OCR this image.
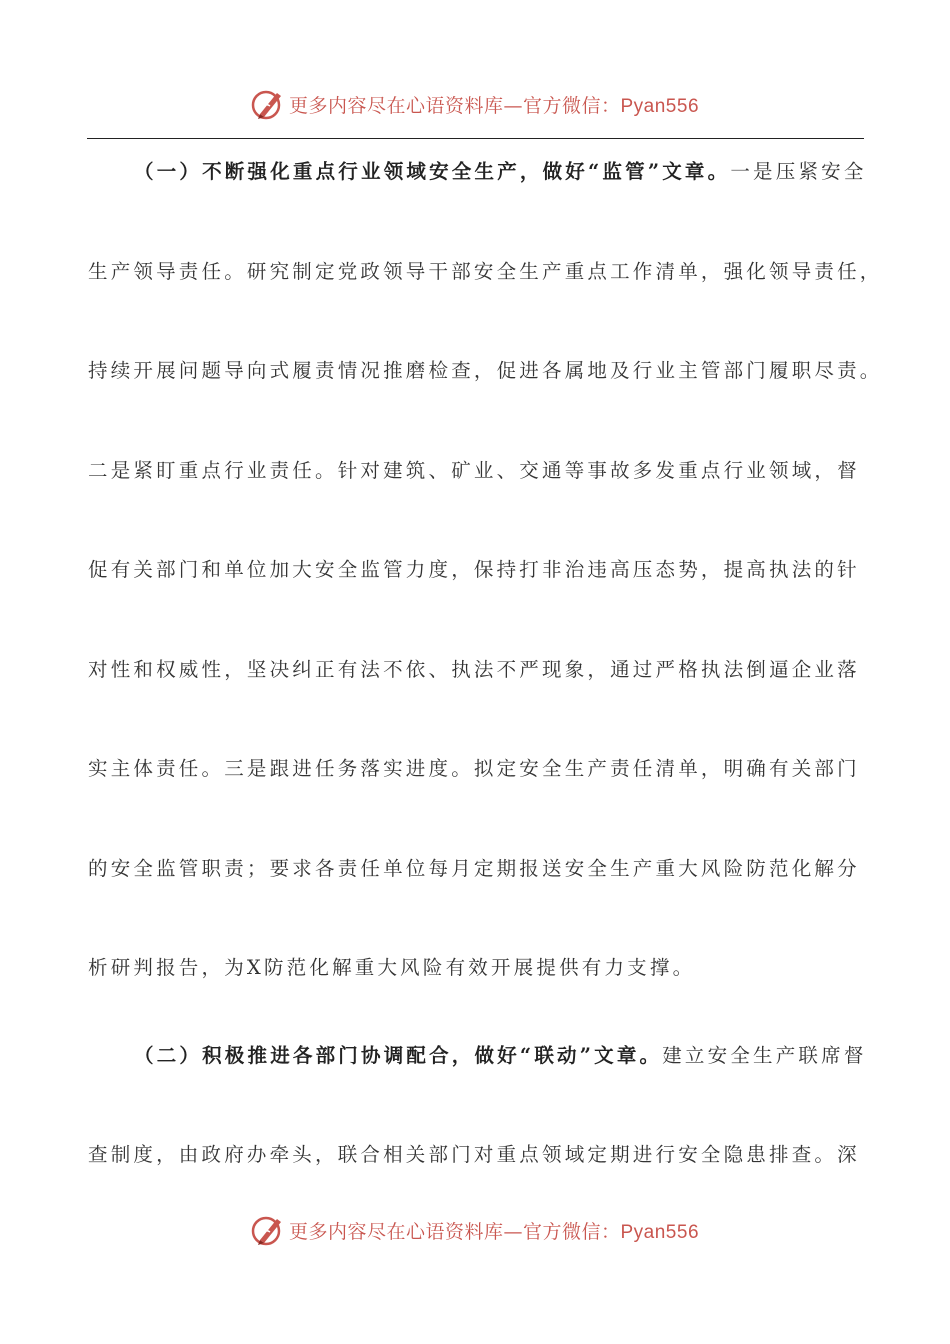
更多内容尽在心语资料库—官方微信：Pyan556
（一）不断强化重点行业领域安全生产，做好“监管”文章。一是压紧安全
生产领导责任。研究制定党政领导干部安全生产重点工作清单，强化领导责任，
持续开展问题导向式履责情况推磨检查，促进各属地及行业主管部门履职尽责。
二是紧盯重点行业责任。针对建筑、矿业、交通等事故多发重点行业领域，督
促有关部门和单位加大安全监管力度，保持打非治违高压态势，提高执法的针
对性和权威性，坚决纠正有法不依、执法不严现象，通过严格执法倒逼企业落
实主体责任。三是跟进任务落实进度。拟定安全生产责任清单，明确有关部门
的安全监管职责；要求各责任单位每月定期报送安全生产重大风险防范化解分
析研判报告，为X防范化解重大风险有效开展提供有力支撑。
（二）积极推进各部门协调配合，做好“联动”文章。建立安全生产联席督
查制度，由政府办牵头，联合相关部门对重点领域定期进行安全隐患排查。深
更多内容尽在心语资料库—官方微信：Pyan556
